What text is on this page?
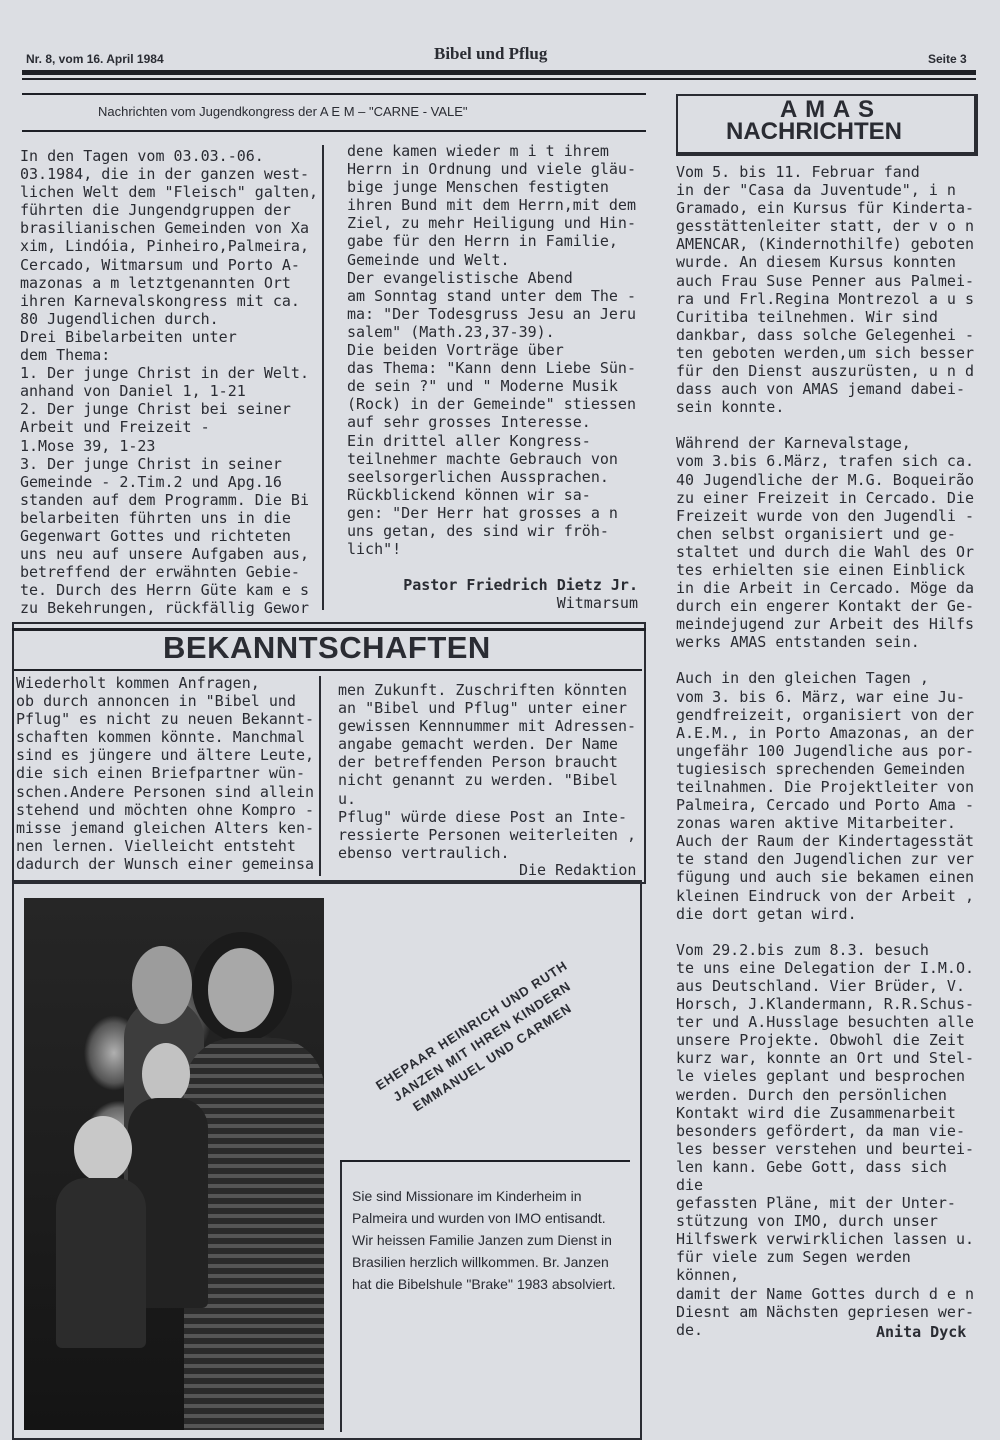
Nr. 8, vom 16. April 1984	Bibel und Pflug	Seite 3
Nachrichten vom Jugendkongress der A E M – "CARNE - VALE"

In den Tagen vom 03.03.-06.
03.1984, die in der ganzen west-
lichen Welt dem "Fleisch" galten,
führten die Jungendgruppen der
brasilianischen Gemeinden von Xa
xim, Lindóia, Pinheiro,Palmeira,
Cercado, Witmarsum und Porto A-
mazonas a m letztgenannten Ort
ihren Karnevalskongress mit ca.
80 Jugendlichen durch.

Drei Bibelarbeiten unter
dem Thema:

1. Der junge Christ in der Welt.
anhand von Daniel 1, 1-21

2. Der junge Christ bei seiner
Arbeit und Freizeit -
1.Mose 39, 1-23

3. Der junge Christ in seiner
Gemeinde - 2.Tim.2 und Apg.16
standen auf dem Programm. Die Bi
belarbeiten führten uns in die
Gegenwart Gottes und richteten
uns neu auf unsere Aufgaben aus,
betreffend der erwähnten Gebie-
te. Durch des Herrn Güte kam e s
zu Bekehrungen, rückfällig Gewor

dene kamen wieder m i t ihrem
Herrn in Ordnung und viele gläu-
bige junge Menschen festigten
ihren Bund mit dem Herrn,mit dem
Ziel, zu mehr Heiligung und Hin-
gabe für den Herrn in Familie,
Gemeinde und Welt.

Der evangelistische Abend
am Sonntag stand unter dem The -
ma: "Der Todesgruss Jesu an Jeru
salem" (Math.23,37-39).

Die beiden Vorträge über
das Thema: "Kann denn Liebe Sün-
de sein ?" und " Moderne Musik
(Rock) in der Gemeinde" stiessen
auf sehr grosses Interesse.

Ein drittel aller Kongress-
teilnehmer machte Gebrauch von
seelsorgerlichen Aussprachen.

Rückblickend können wir sa-
gen: "Der Herr hat grosses a n
uns getan, des sind wir fröh-
lich"!

Pastor Friedrich Dietz Jr.
Witmarsum
BEKANNTSCHAFTEN

Wiederholt kommen Anfragen,
ob durch annoncen in "Bibel und
Pflug" es nicht zu neuen Bekannt-
schaften kommen könnte. Manchmal
sind es jüngere und ältere Leute,
die sich einen Briefpartner wün-
schen.Andere Personen sind allein
stehend und möchten ohne Kompro -
misse jemand gleichen Alters ken-
nen lernen. Vielleicht entsteht
dadurch der Wunsch einer gemeinsa

men Zukunft. Zuschriften könnten
an "Bibel und Pflug" unter einer
gewissen Kennnummer mit Adressen-
angabe gemacht werden. Der Name
der betreffenden Person braucht
nicht genannt zu werden. "Bibel u.
Pflug" würde diese Post an Inte-
ressierte Personen weiterleiten ,
ebenso vertraulich.

Die Redaktion
EHEPAAR HEINRICH UND RUTH JANZEN MIT IHREN KINDERN EMMANUEL UND CARMEN
Sie sind Missionare im Kinderheim in Palmeira und wurden von IMO entisandt. Wir heissen Familie Janzen zum Dienst in Brasilien herzlich willkommen. Br. Janzen hat die Bibelshule "Brake" 1983 absolviert.
A M A S
NACHRICHTEN

Vom 5. bis 11. Februar fand
in der "Casa da Juventude", i n
Gramado, ein Kursus für Kinderta-
gesstättenleiter statt, der v o n
AMENCAR, (Kindernothilfe) geboten
wurde. An diesem Kursus konnten
auch Frau Suse Penner aus Palmei-
ra und Frl.Regina Montrezol a u s
Curitiba teilnehmen. Wir sind
dankbar, dass solche Gelegenhei -
ten geboten werden,um sich besser
für den Dienst auszurüsten, u n d
dass auch von AMAS jemand dabei-
sein konnte.

Während der Karnevalstage,
vom 3.bis 6.März, trafen sich ca.
40 Jugendliche der M.G. Boqueirão
zu einer Freizeit in Cercado. Die
Freizeit wurde von den Jugendli -
chen selbst organisiert und ge-
staltet und durch die Wahl des Or
tes erhielten sie einen Einblick
in die Arbeit in Cercado. Möge da
durch ein engerer Kontakt der Ge-
meindejugend zur Arbeit des Hilfs
werks AMAS entstanden sein.

Auch in den gleichen Tagen ,
vom 3. bis 6. März, war eine Ju-
gendfreizeit, organisiert von der
A.E.M., in Porto Amazonas, an der
ungefähr 100 Jugendliche aus por-
tugiesisch sprechenden Gemeinden
teilnahmen. Die Projektleiter von
Palmeira, Cercado und Porto Ama -
zonas waren aktive Mitarbeiter.
Auch der Raum der Kindertagesstät
te stand den Jugendlichen zur ver
fügung und auch sie bekamen einen
kleinen Eindruck von der Arbeit ,
die dort getan wird.

Vom 29.2.bis zum 8.3. besuch
te uns eine Delegation der I.M.O.
aus Deutschland. Vier Brüder, V.
Horsch, J.Klandermann, R.R.Schus-
ter und A.Husslage besuchten alle
unsere Projekte. Obwohl die Zeit
kurz war, konnte an Ort und Stel-
le vieles geplant und besprochen
werden. Durch den persönlichen
Kontakt wird die Zusammenarbeit
besonders gefördert, da man vie-
les besser verstehen und beurtei-
len kann. Gebe Gott, dass sich die
gefassten Pläne, mit der Unter-
stützung von IMO, durch unser
Hilfswerk verwirklichen lassen u.
für viele zum Segen werden können,
damit der Name Gottes durch d e n
Diesnt am Nächsten gepriesen wer-
de.	Anita Dyck
